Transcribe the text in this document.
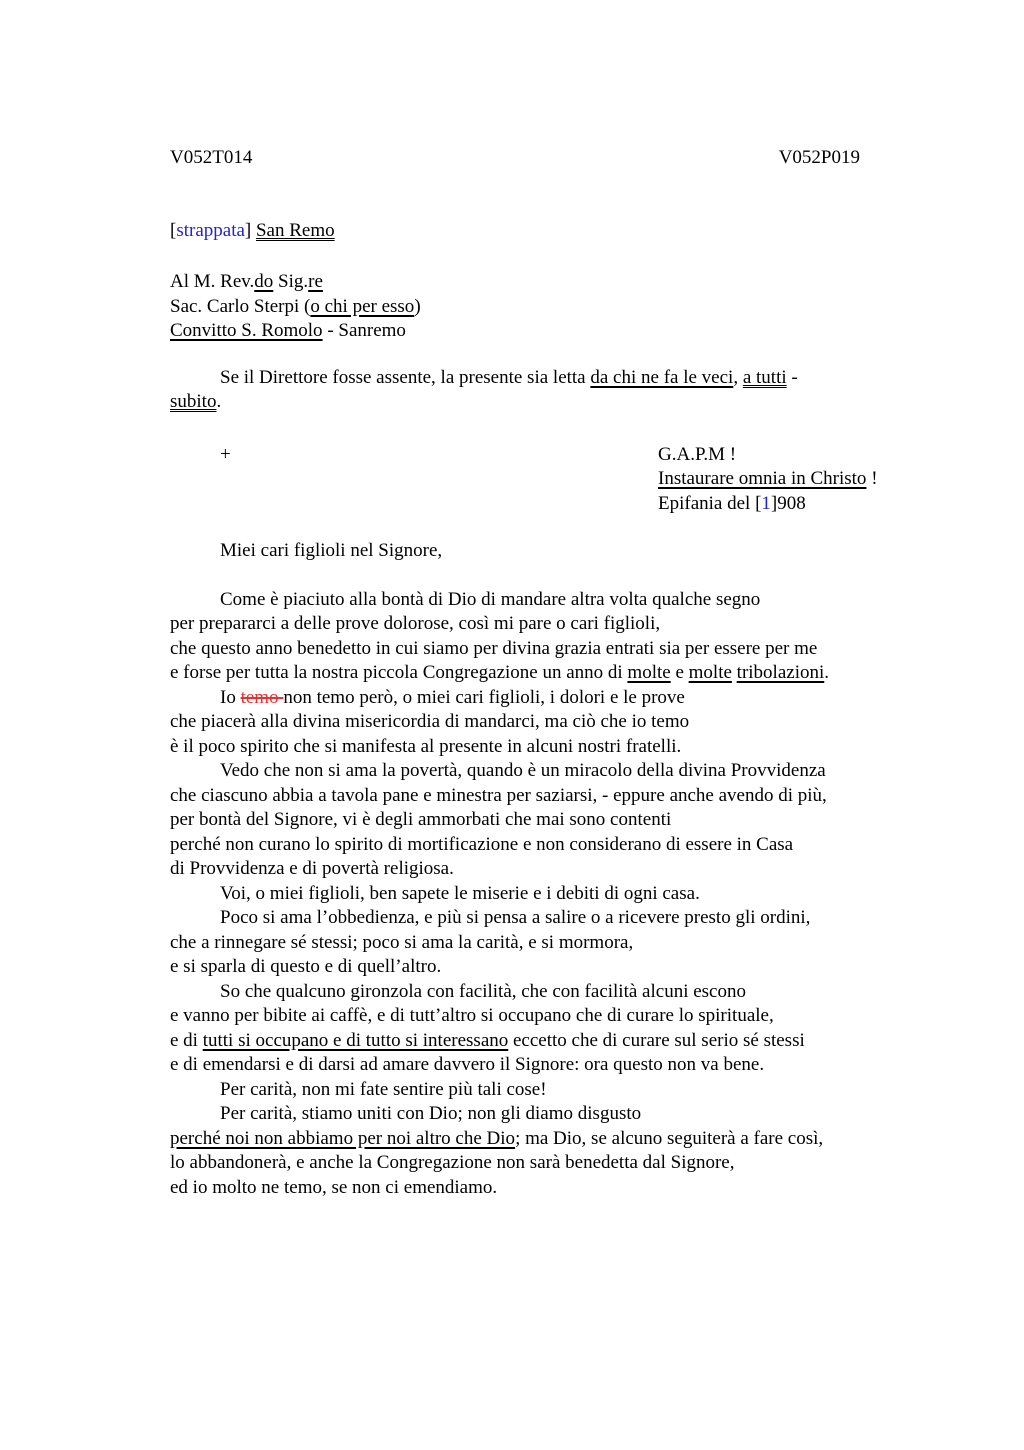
V052T014	V052P019
[strappata] San Remo
Al M. Rev.do Sig.re
Sac. Carlo Sterpi (o chi per esso)
Convitto S. Romolo - Sanremo
Se il Direttore fosse assente, la presente sia letta da chi ne fa le veci, a tutti -
subito.
+	G.A.P.M !
Instaurare omnia in Christo !
Epifania del [1]908
Miei cari figlioli nel Signore,
Come è piaciuto alla bontà di Dio di mandare altra volta qualche segno
per prepararci a delle prove dolorose, così mi pare o cari figlioli,
che questo anno benedetto in cui siamo per divina grazia entrati sia per essere per me
e forse per tutta la nostra piccola Congregazione un anno di molte e molte tribolazioni.
Io temo non temo però, o miei cari figlioli, i dolori e le prove
che piacerà alla divina misericordia di mandarci, ma ciò che io temo
è il poco spirito che si manifesta al presente in alcuni nostri fratelli.
Vedo che non si ama la povertà, quando è un miracolo della divina Provvidenza
che ciascuno abbia a tavola pane e minestra per saziarsi, - eppure anche avendo di più,
per bontà del Signore, vi è degli ammorbati che mai sono contenti
perché non curano lo spirito di mortificazione e non considerano di essere in Casa
di Provvidenza e di povertà religiosa.
Voi, o miei figlioli, ben sapete le miserie e i debiti di ogni casa.
Poco si ama l’obbedienza, e più si pensa a salire o a ricevere presto gli ordini,
che a rinnegare sé stessi; poco si ama la carità, e si mormora,
e si sparla di questo e di quell’altro.
So che qualcuno gironzola con facilità, che con facilità alcuni escono
e vanno per bibite ai caffè, e di tutt’altro si occupano che di curare lo spirituale,
e di tutti si occupano e di tutto si interessano eccetto che di curare sul serio sé stessi
e di emendarsi e di darsi ad amare davvero il Signore: ora questo non va bene.
Per carità, non mi fate sentire più tali cose!
Per carità, stiamo uniti con Dio; non gli diamo disgusto
perché noi non abbiamo per noi altro che Dio; ma Dio, se alcuno seguiterà a fare così,
lo abbandonerà, e anche la Congregazione non sarà benedetta dal Signore,
ed io molto ne temo, se non ci emendiamo.
